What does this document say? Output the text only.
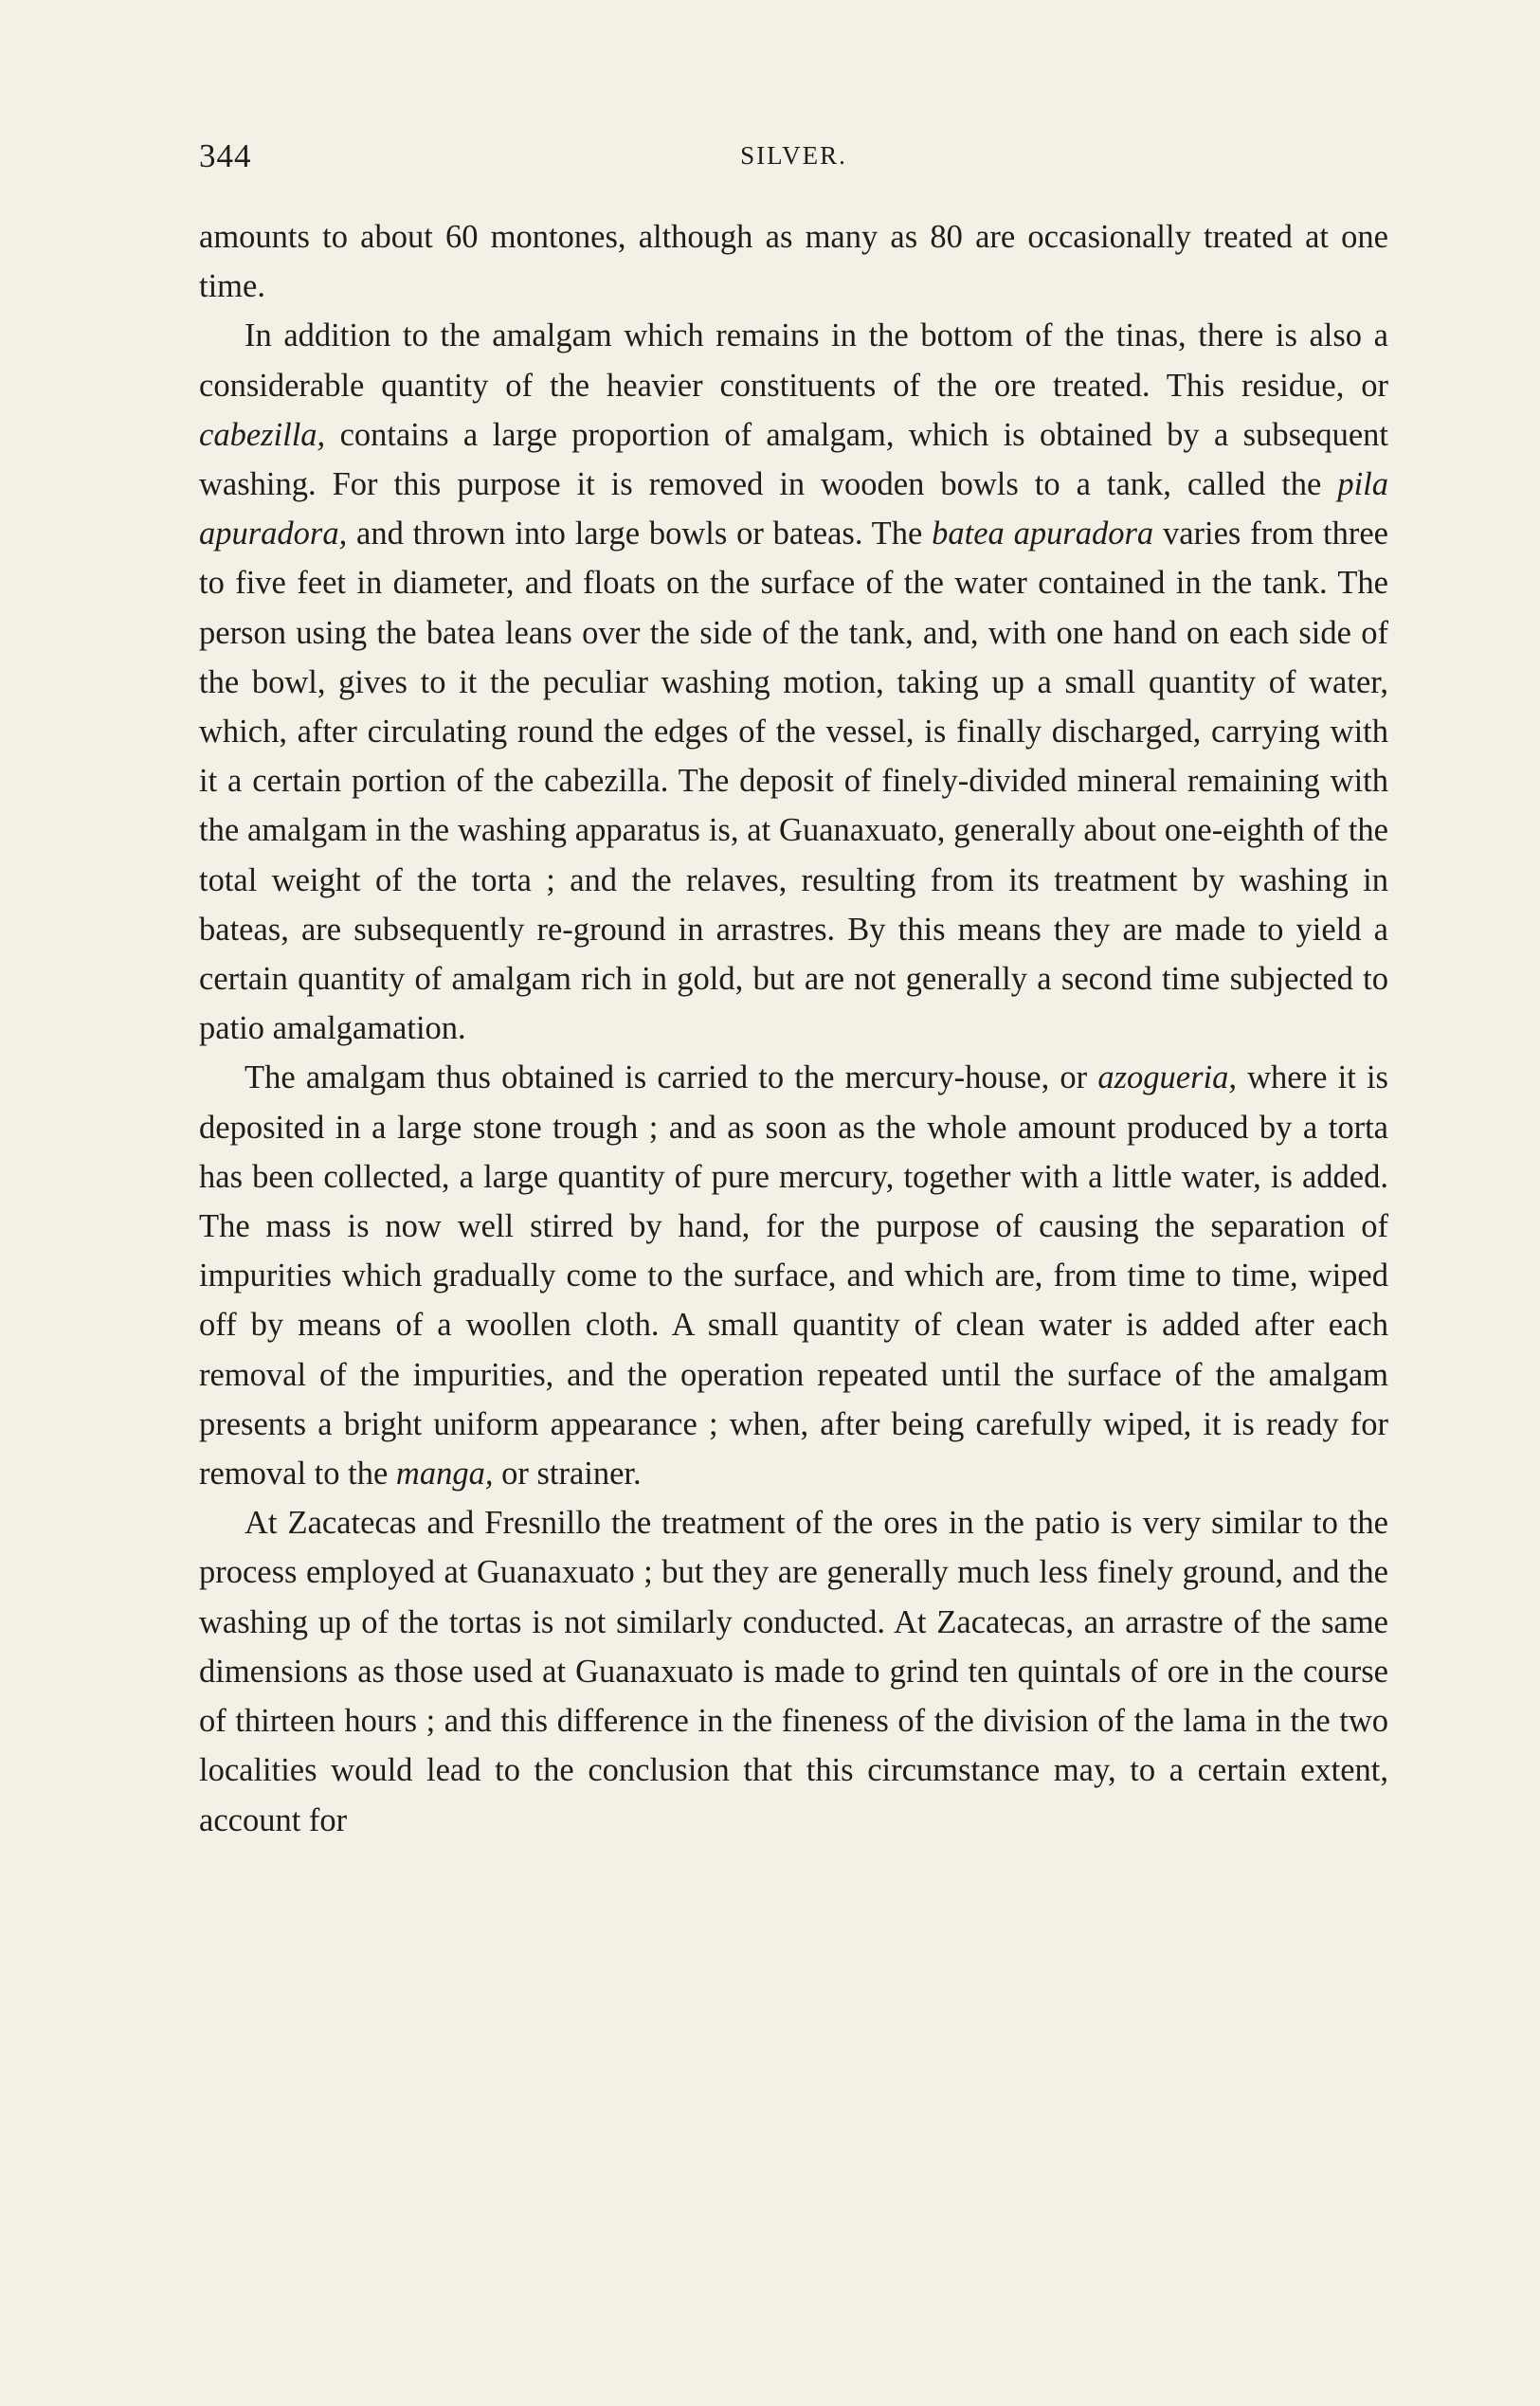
344	SILVER.

amounts to about 60 montones, although as many as 80 are occasionally treated at one time.

In addition to the amalgam which remains in the bottom of the tinas, there is also a considerable quantity of the heavier constituents of the ore treated. This residue, or cabezilla, contains a large proportion of amalgam, which is obtained by a subsequent washing. For this purpose it is removed in wooden bowls to a tank, called the pila apuradora, and thrown into large bowls or bateas. The batea apuradora varies from three to five feet in diameter, and floats on the surface of the water contained in the tank. The person using the batea leans over the side of the tank, and, with one hand on each side of the bowl, gives to it the peculiar washing motion, taking up a small quantity of water, which, after circulating round the edges of the vessel, is finally discharged, carrying with it a certain portion of the cabezilla. The deposit of finely-divided mineral remaining with the amalgam in the washing apparatus is, at Guanaxuato, generally about one-eighth of the total weight of the torta ; and the relaves, resulting from its treatment by washing in bateas, are subsequently re-ground in arrastres. By this means they are made to yield a certain quantity of amalgam rich in gold, but are not generally a second time subjected to patio amalgamation.

The amalgam thus obtained is carried to the mercury-house, or azogueria, where it is deposited in a large stone trough ; and as soon as the whole amount produced by a torta has been collected, a large quantity of pure mercury, together with a little water, is added. The mass is now well stirred by hand, for the purpose of causing the separation of impurities which gradually come to the surface, and which are, from time to time, wiped off by means of a woollen cloth. A small quantity of clean water is added after each removal of the impurities, and the operation repeated until the surface of the amalgam presents a bright uniform appearance ; when, after being carefully wiped, it is ready for removal to the manga, or strainer.

At Zacatecas and Fresnillo the treatment of the ores in the patio is very similar to the process employed at Guanaxuato ; but they are generally much less finely ground, and the washing up of the tortas is not similarly conducted. At Zacatecas, an arrastre of the same dimensions as those used at Guanaxuato is made to grind ten quintals of ore in the course of thirteen hours ; and this difference in the fineness of the division of the lama in the two localities would lead to the conclusion that this circumstance may, to a certain extent, account for
